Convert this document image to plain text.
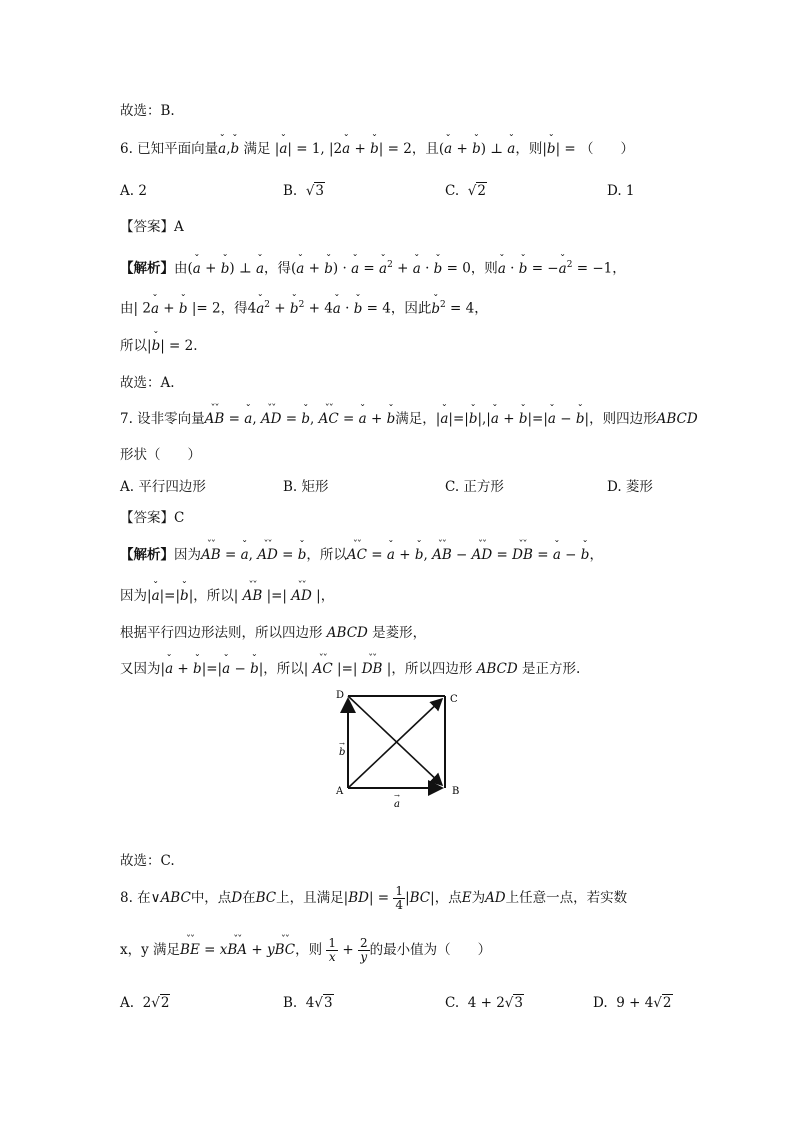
故选：B.
6. 已知平面向量ˇ a,ˇ b 满足 |ˇ a| = 1, |2ˇ a + ˇ b| = 2，且(ˇ a + ˇ b) ⊥ ˇ a，则|ˇ b| = （　　）
A. 2	B. √3	C. √2	D. 1
【答案】A
【解析】由(ˇ a + ˇ b) ⊥ ˇ a，得(ˇ a + ˇ b) · ˇ a = ˇ $a^2$ + ˇ a · ˇ b = 0，则ˇ a · ˇ b = −ˇ $a^2 = -1$，
由| 2ˇ a + ˇ b |= 2，得4ˇ $a^2$ + ˇ $b^2$ + 4ˇ a · ˇ b = 4，因此ˇ $b^2 = 4$，
所以|ˇ b| = 2.
故选：A.
7. 设非零向量ˇˇ AB = ˇ a, ˇˇ AD = ˇ b, ˇˇ AC = ˇ a + ˇ b满足，|ˇ a|=|ˇ b|,|ˇ a + ˇ b|=|ˇ a − ˇ b|，则四边形ABCD
形状（　　）
A. 平行四边形	B. 矩形	C. 正方形	D. 菱形
【答案】C
【解析】因为ˇˇ AB = ˇ a, ˇˇ AD = ˇ b，所以ˇˇ AC = ˇ a + ˇ b, ˇˇ AB − ˇˇ AD = ˇˇ DB = ˇ a − ˇ b，
因为|ˇ a|=|ˇ b|，所以| ˇˇ AB |=| ˇˇ AD |，
根据平行四边形法则，所以四边形 ABCD 是菱形，
又因为|ˇ a + ˇ b|=|ˇ a − ˇ b|，所以| ˇˇ AC |=| ˇˇ DB |，所以四边形 ABCD 是正方形.
D	C
A	B
a
→
b
→
故选：C.
8. 在∨ABC中，点D在BC上，且满足$|BD| = \frac{1}{4} |BC|$，点E为AD上任意一点，若实数
x，y 满足ˇˇ BE = xˇˇ BA + yˇˇ BC，则 $\frac{1}{x} + \frac{2}{y}$ 的最小值为（　　）
A.  2√2	B.  4√3	C.  4 + 2√3	D.  9 + 4√2
